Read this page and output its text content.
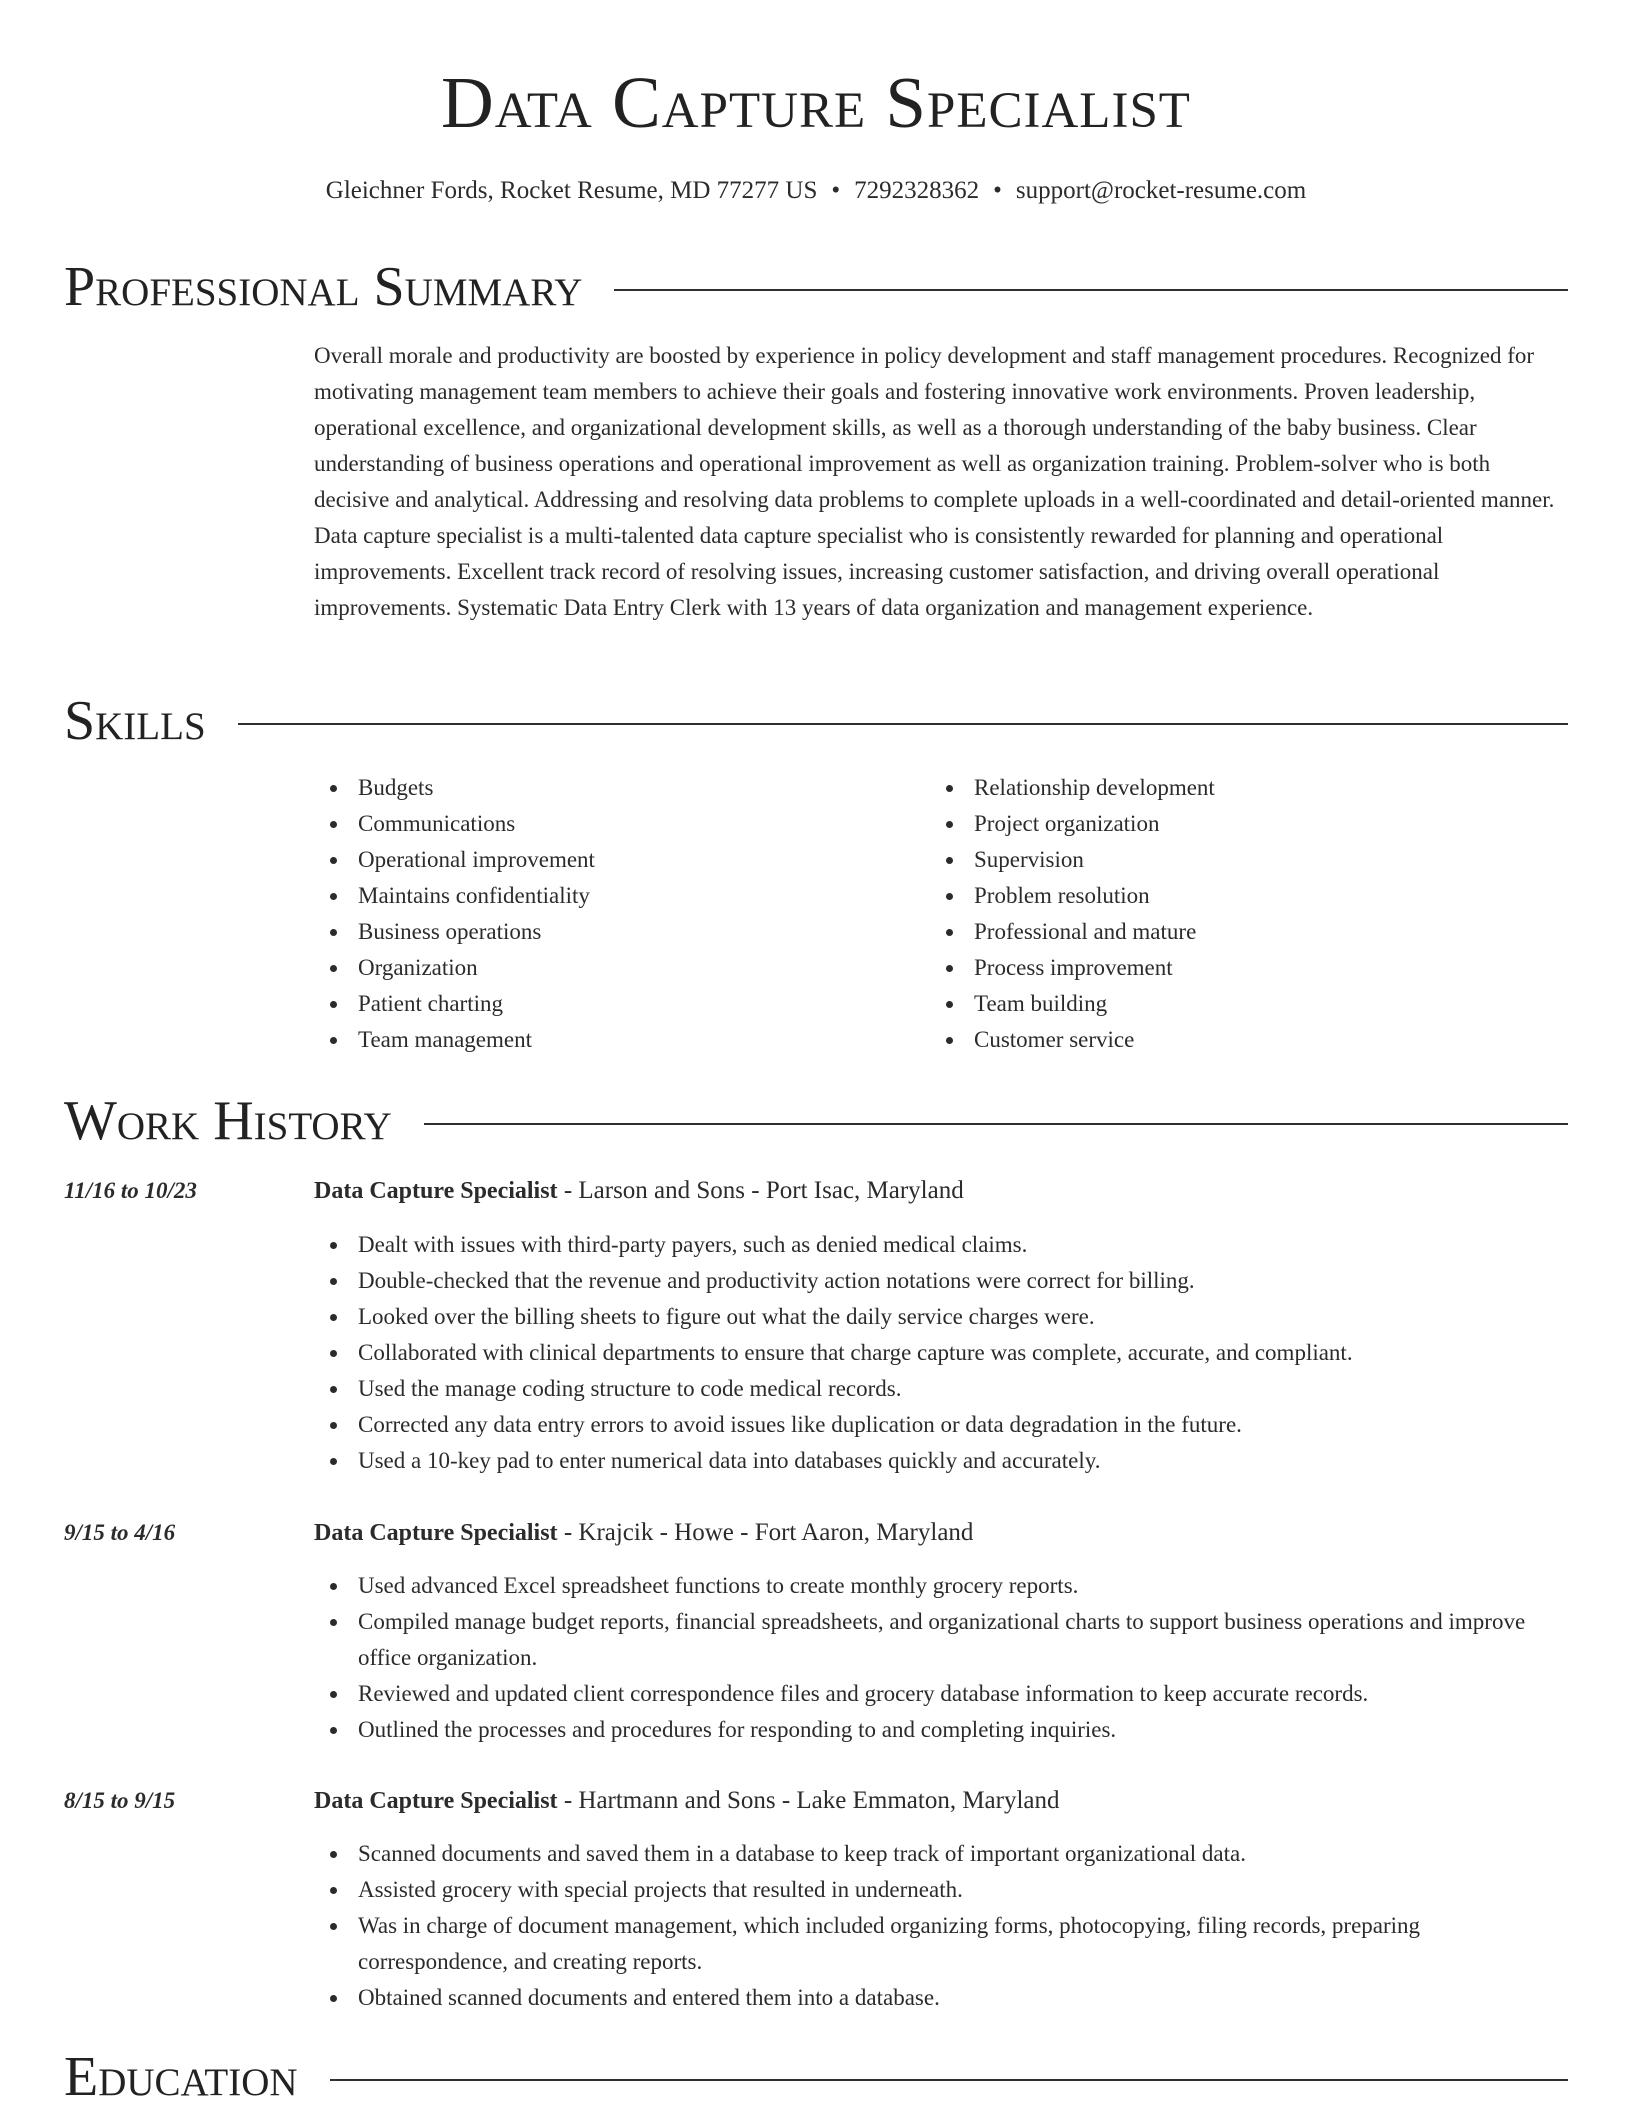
Data Capture Specialist
Gleichner Fords, Rocket Resume, MD 77277 US • 7292328362 • support@rocket-resume.com
Professional Summary

Overall morale and productivity are boosted by experience in policy development and staff management procedures. Recognized for motivating management team members to achieve their goals and fostering innovative work environments. Proven leadership, operational excellence, and organizational development skills, as well as a thorough understanding of the baby business. Clear understanding of business operations and operational improvement as well as organization training. Problem-solver who is both decisive and analytical. Addressing and resolving data problems to complete uploads in a well-coordinated and detail-oriented manner. Data capture specialist is a multi-talented data capture specialist who is consistently rewarded for planning and operational improvements. Excellent track record of resolving issues, increasing customer satisfaction, and driving overall operational improvements. Systematic Data Entry Clerk with 13 years of data organization and management experience.

Skills
Budgets
Communications
Operational improvement
Maintains confidentiality
Business operations
Organization
Patient charting
Team management
Relationship development
Project organization
Supervision
Problem resolution
Professional and mature
Process improvement
Team building
Customer service
Work History
11/16 to 10/23	Data Capture Specialist - Larson and Sons - Port Isac, Maryland
Dealt with issues with third-party payers, such as denied medical claims.
Double-checked that the revenue and productivity action notations were correct for billing.
Looked over the billing sheets to figure out what the daily service charges were.
Collaborated with clinical departments to ensure that charge capture was complete, accurate, and compliant.
Used the manage coding structure to code medical records.
Corrected any data entry errors to avoid issues like duplication or data degradation in the future.
Used a 10-key pad to enter numerical data into databases quickly and accurately.
9/15 to 4/16	Data Capture Specialist - Krajcik - Howe - Fort Aaron, Maryland
Used advanced Excel spreadsheet functions to create monthly grocery reports.
Compiled manage budget reports, financial spreadsheets, and organizational charts to support business operations and improve office organization.
Reviewed and updated client correspondence files and grocery database information to keep accurate records.
Outlined the processes and procedures for responding to and completing inquiries.
8/15 to 9/15	Data Capture Specialist - Hartmann and Sons - Lake Emmaton, Maryland
Scanned documents and saved them in a database to keep track of important organizational data.
Assisted grocery with special projects that resulted in underneath.
Was in charge of document management, which included organizing forms, photocopying, filing records, preparing correspondence, and creating reports.
Obtained scanned documents and entered them into a database.
Education
